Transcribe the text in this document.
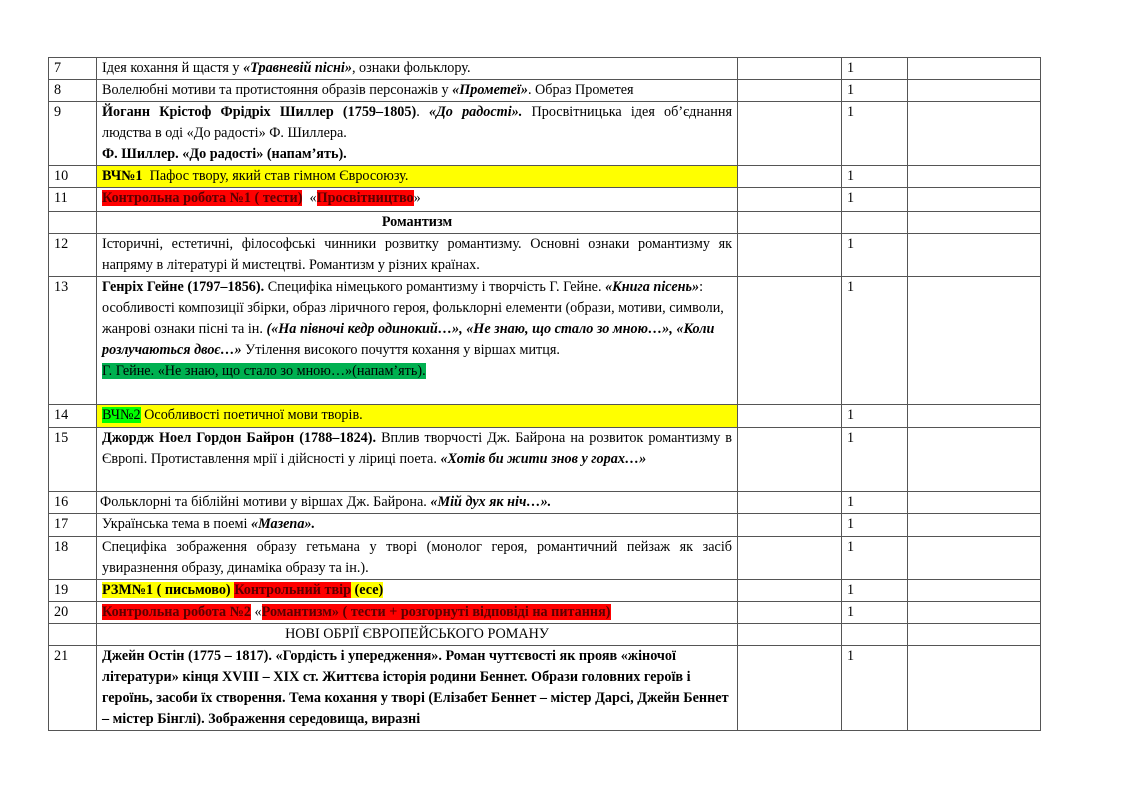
7	Ідея кохання й щастя у «Травневій пісні», ознаки фольклору.		1	
8	Волелюбні мотиви та протистояння образів персонажів у «Прометеї». Образ Прометея		1	
9	Йоганн Крістоф Фрідріх Шиллер (1759–1805). «До радості». Просвітницька ідея об’єднання людства в оді «До радості» Ф. Шиллера.
Ф. Шиллер. «До радості» (напам’ять).		1	
10	ВЧ№1  Пафос твору, який став гімном Євросоюзу.		1	
11	Контрольна робота №1 ( тести)  «Просвітництво»		1	
	Романтизм			
12	Історичні, естетичні, філософські чинники розвитку романтизму. Основні ознаки романтизму як напряму в літературі й мистецтві. Романтизм у різних країнах.		1	
13	Генріх Гейне (1797–1856). Специфіка німецького романтизму і творчість Г. Гейне. «Книга пісень»: особливості композиції збірки, образ ліричного героя, фольклорні елементи (образи, мотиви, символи, жанрові ознаки пісні та ін. («На півночі кедр одинокий…», «Не знаю, що стало зо мною…», «Коли розлучаються двоє…» Утілення високого почуття кохання у віршах митця.
Г. Гейне. «Не знаю, що стало зо мною…»(напам’ять).		1	
14	ВЧ№2 Особливості поетичної мови творів.		1	
15	Джордж Ноел Гордон Байрон (1788–1824). Вплив творчості Дж. Байрона на розвиток романтизму в Європі. Протиставлення мрії і дійсності у ліриці поета. «Хотів би жити знов у горах…»		1	
16	Фольклорні та біблійні мотиви у віршах Дж. Байрона. «Мій дух як ніч…».		1	
17	Українська тема в поемі «Мазепа».		1	
18	Специфіка зображення образу гетьмана у творі (монолог героя, романтичний пейзаж як засіб увиразнення образу, динаміка образу та ін.).		1	
19	РЗМ№1 ( письмово) Контрольний твір (есе)		1	
20	Контрольна робота №2 «Романтизм» ( тести + розгорнуті відповіді на питання)		1	
	НОВІ ОБРІЇ ЄВРОПЕЙСЬКОГО РОМАНУ			
21	Джейн Остін (1775 – 1817). «Гордість і упередження». Роман чуттєвості як прояв «жіночої літератури» кінця XVIII – XIX ст. Життєва історія родини Беннет. Образи головних героїв і героїнь, засоби їх створення. Тема кохання у творі (Елізабет Беннет – містер Дарсі, Джейн Беннет – містер Бінглі). Зображення середовища, виразні		1	
